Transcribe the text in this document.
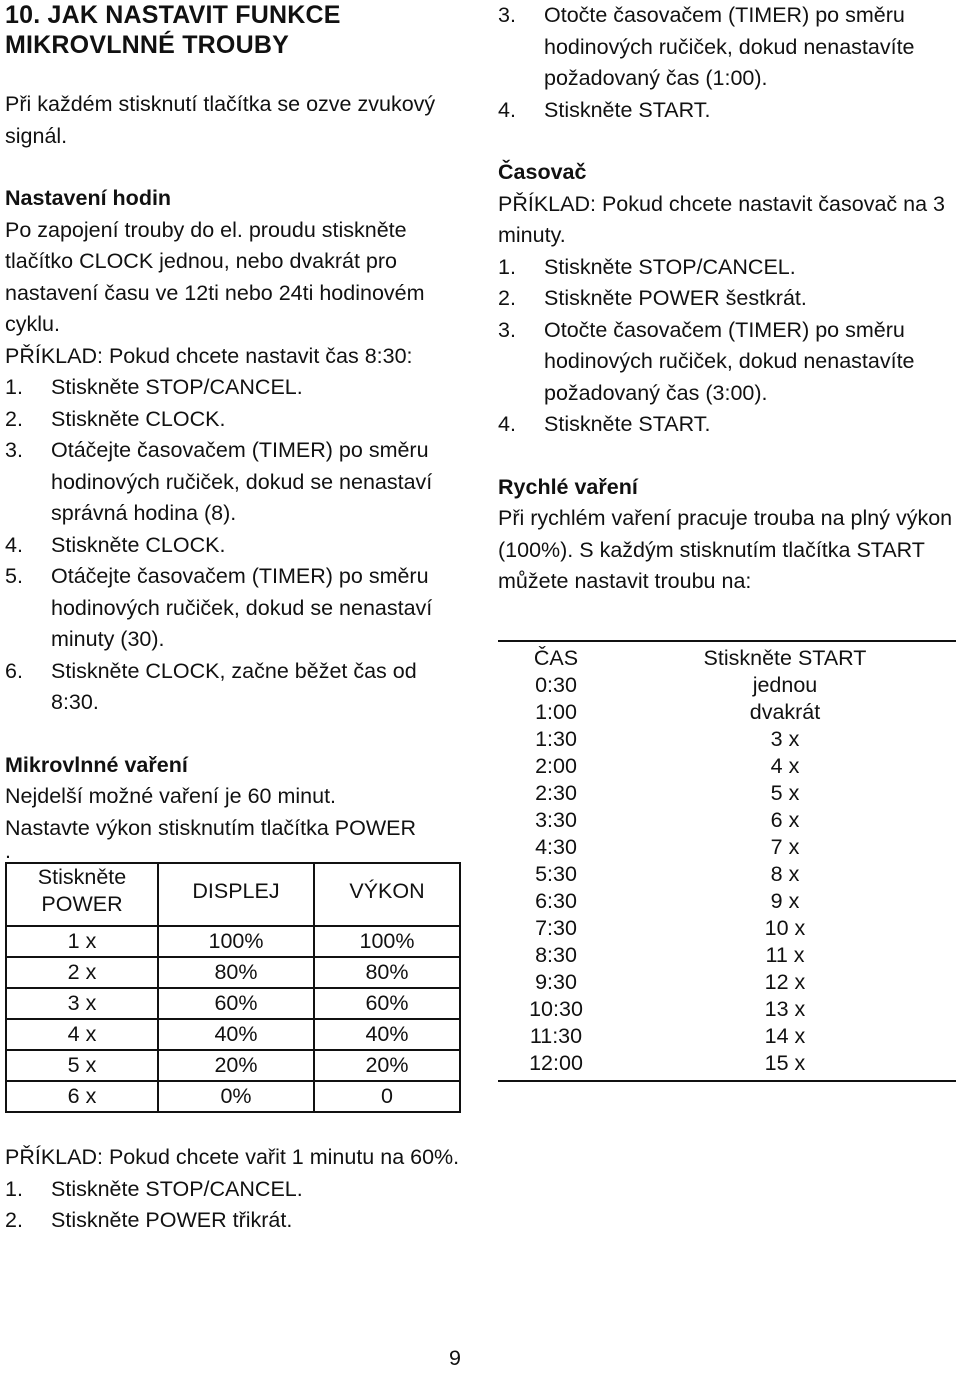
10. JAK NASTAVIT FUNKCE MIKROVLNNÉ TROUBY

Při každém stisknutí tlačítka se ozve zvukový signál.

Nastavení hodin

Po zapojení trouby do el. proudu stiskněte tlačítko CLOCK jednou, nebo dvakrát pro nastavení času ve 12ti nebo 24ti hodinovém cyklu.

PŘÍKLAD: Pokud chcete nastavit čas 8:30:

1. Stiskněte STOP/CANCEL.
2. Stiskněte CLOCK.
3. Otáčejte časovačem (TIMER) po směru hodinových ručiček, dokud se nenastaví správná hodina (8).
4. Stiskněte CLOCK.
5. Otáčejte časovačem (TIMER) po směru hodinových ručiček, dokud se nenastaví minuty (30).
6. Stiskněte CLOCK, začne běžet čas od 8:30.

Mikrovlnné vaření

Nejdelší možné vaření je 60 minut.

Nastavte výkon stisknutím tlačítka POWER

.

Stiskněte POWER	DISPLEJ	VÝKON
1 x	100%	100%
2 x	80%	80%
3 x	60%	60%
4 x	40%	40%
5 x	20%	20%
6 x	0%	0

PŘÍKLAD: Pokud chcete vařit 1 minutu na 60%.

1. Stiskněte STOP/CANCEL.
2. Stiskněte POWER třikrát.
3. Otočte časovačem (TIMER) po směru hodinových ručiček, dokud nenastavíte požadovaný čas (1:00).
4. Stiskněte START.

Časovač

PŘÍKLAD: Pokud chcete nastavit časovač na 3 minuty.

1. Stiskněte STOP/CANCEL.
2. Stiskněte POWER šestkrát.
3. Otočte časovačem (TIMER) po směru hodinových ručiček, dokud nenastavíte požadovaný čas (3:00).
4. Stiskněte START.

Rychlé vaření

Při rychlém vaření pracuje trouba na plný výkon (100%). S každým stisknutím tlačítka START můžete nastavit troubu na:

ČAS	Stiskněte START
0:30	jednou
1:00	dvakrát
1:30	3 x
2:00	4 x
2:30	5 x
3:30	6 x
4:30	7 x
5:30	8 x
6:30	9 x
7:30	10 x
8:30	11 x
9:30	12 x
10:30	13 x
11:30	14 x
12:00	15 x
9
